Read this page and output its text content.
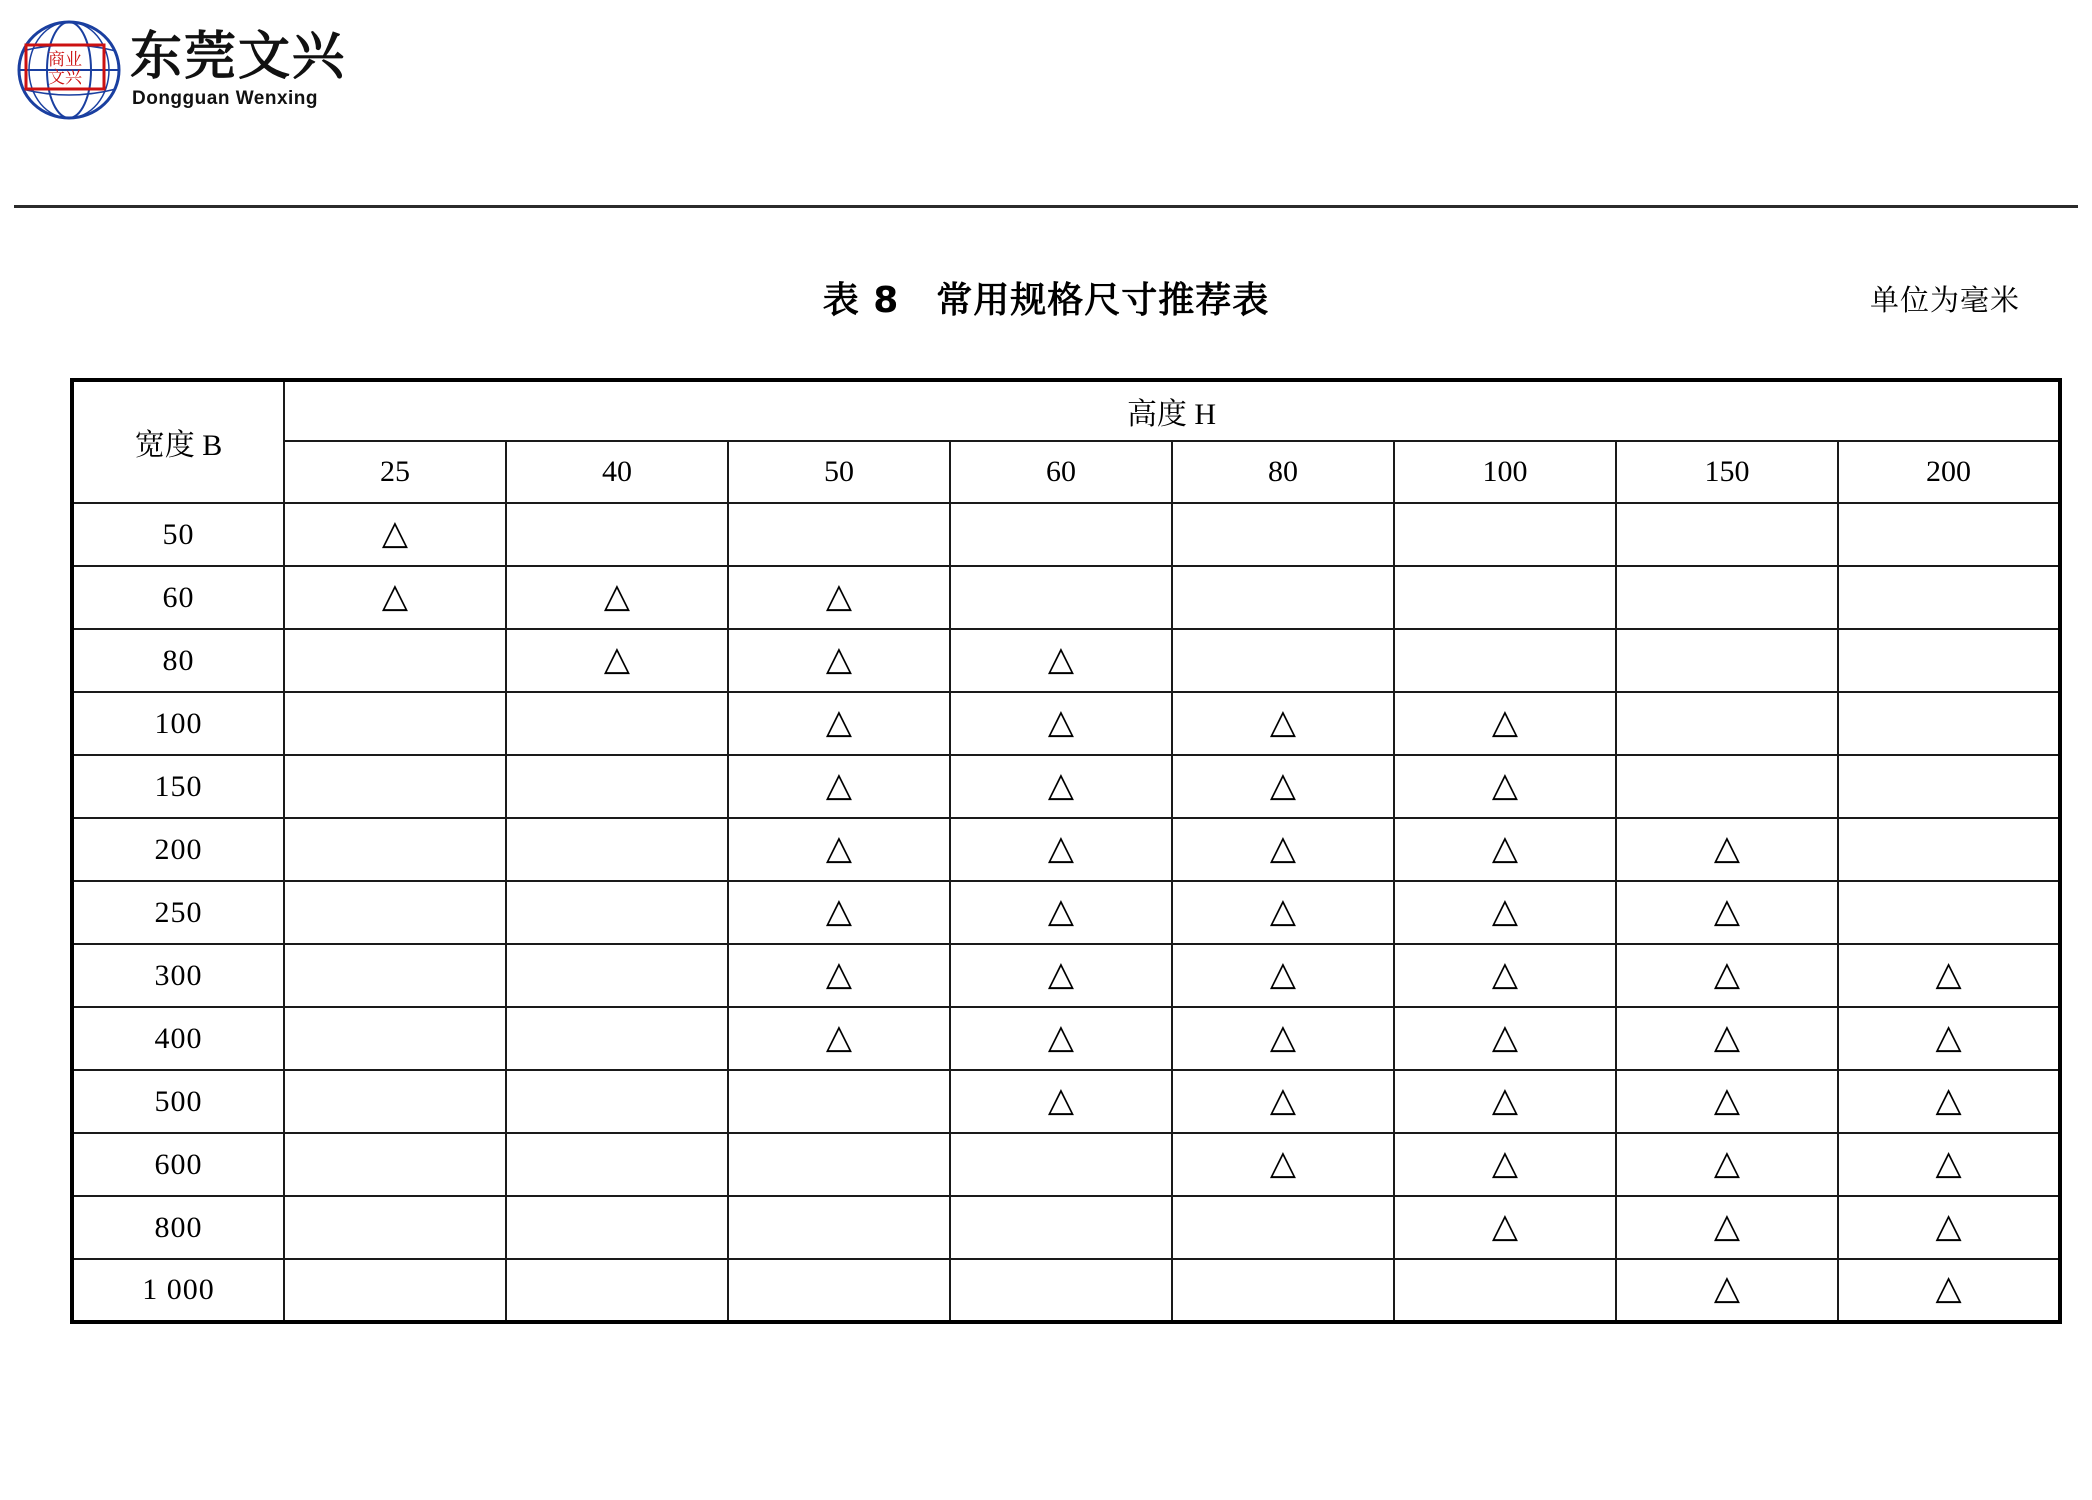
商业
文兴 东莞文兴
Dongguan Wenxing
表 8　常用规格尺寸推荐表	单位为毫米
宽度 B	高度 H							
	25	40	50	60	80	100	150	200
50	△							
60	△	△	△					
80		△	△	△				
100			△	△	△	△		
150			△	△	△	△		
200			△	△	△	△	△	
250			△	△	△	△	△	
300			△	△	△	△	△	△
400			△	△	△	△	△	△
500				△	△	△	△	△
600					△	△	△	△
800						△	△	△
1 000							△	△
